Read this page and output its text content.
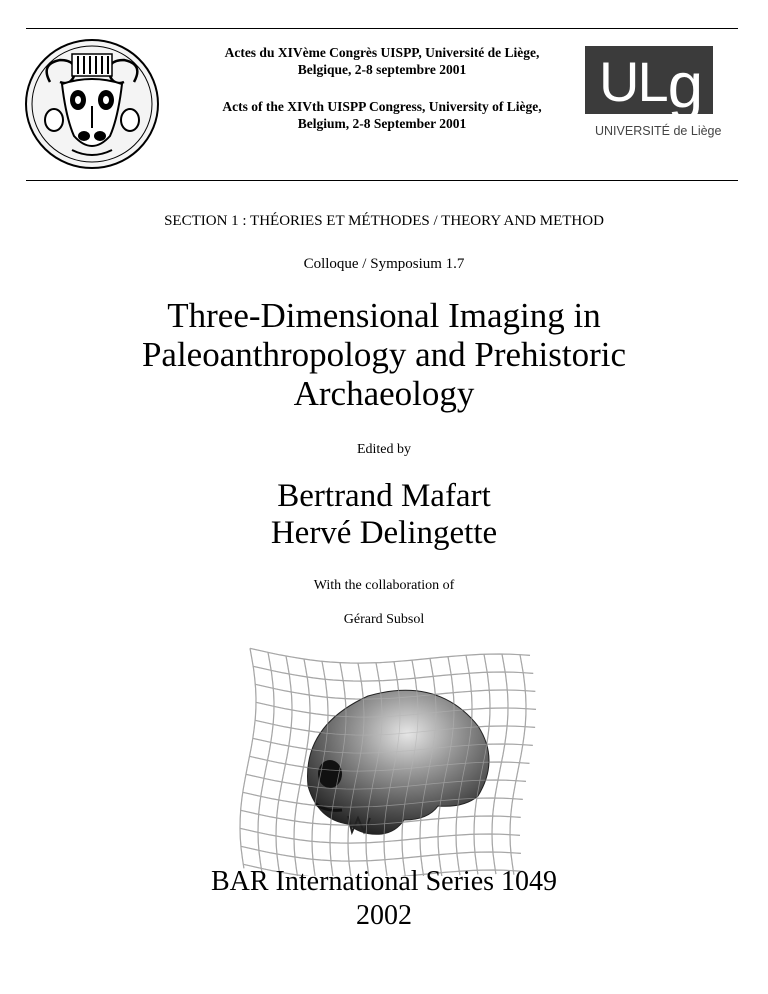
Actes du XIVème Congrès UISPP, Université de Liège,
Belgique, 2-8 septembre 2001
Acts of the XIVth UISPP Congress, University of Liège,
Belgium, 2-8 September 2001
ULg
UNIVERSITÉ de Liège
SECTION 1 : THÉORIES ET MÉTHODES / THEORY AND METHOD
Colloque / Symposium 1.7
Three-Dimensional Imaging in
Paleoanthropology and Prehistoric
Archaeology
Edited by
Bertrand Mafart
Hervé Delingette
With the collaboration of
Gérard Subsol
BAR International Series 1049
2002
